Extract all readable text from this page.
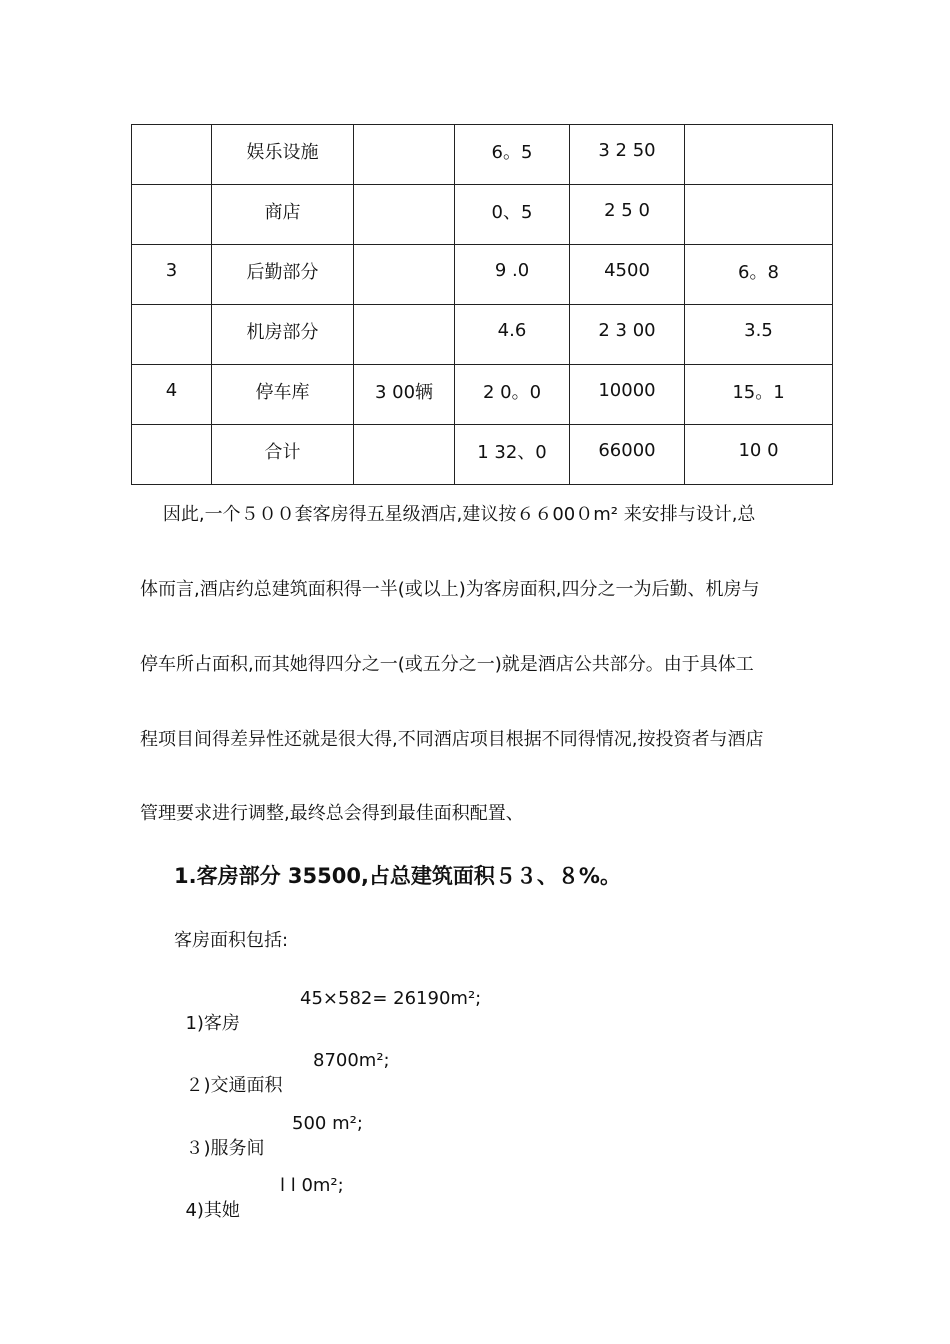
	娱乐设施		6。5	3 2 50	
	商店		0、5	2 5 0	
3	后勤部分		9 .0	4500	6。8
	机房部分		4.6	2 3 00	3.5
4	停车库	3 00辆	2 0。0	10000	15。1
	合计		1 32、0	66000	10 0
因此,一个５００套客房得五星级酒店,建议按６６00０m² 来安排与设计,总
体而言,酒店约总建筑面积得一半(或以上)为客房面积,四分之一为后勤、机房与
停车所占面积,而其她得四分之一(或五分之一)就是酒店公共部分。由于具体工
程项目间得差异性还就是很大得,不同酒店项目根据不同得情况,按投资者与酒店
管理要求进行调整,最终总会得到最佳面积配置、
1.客房部分 35500,占总建筑面积５３、８%。
客房面积包括:

1)客房

45×582= 26190m²;

２)交通面积

8700m²;

３)服务间

500 m²;

4)其她

l l 0m²;
